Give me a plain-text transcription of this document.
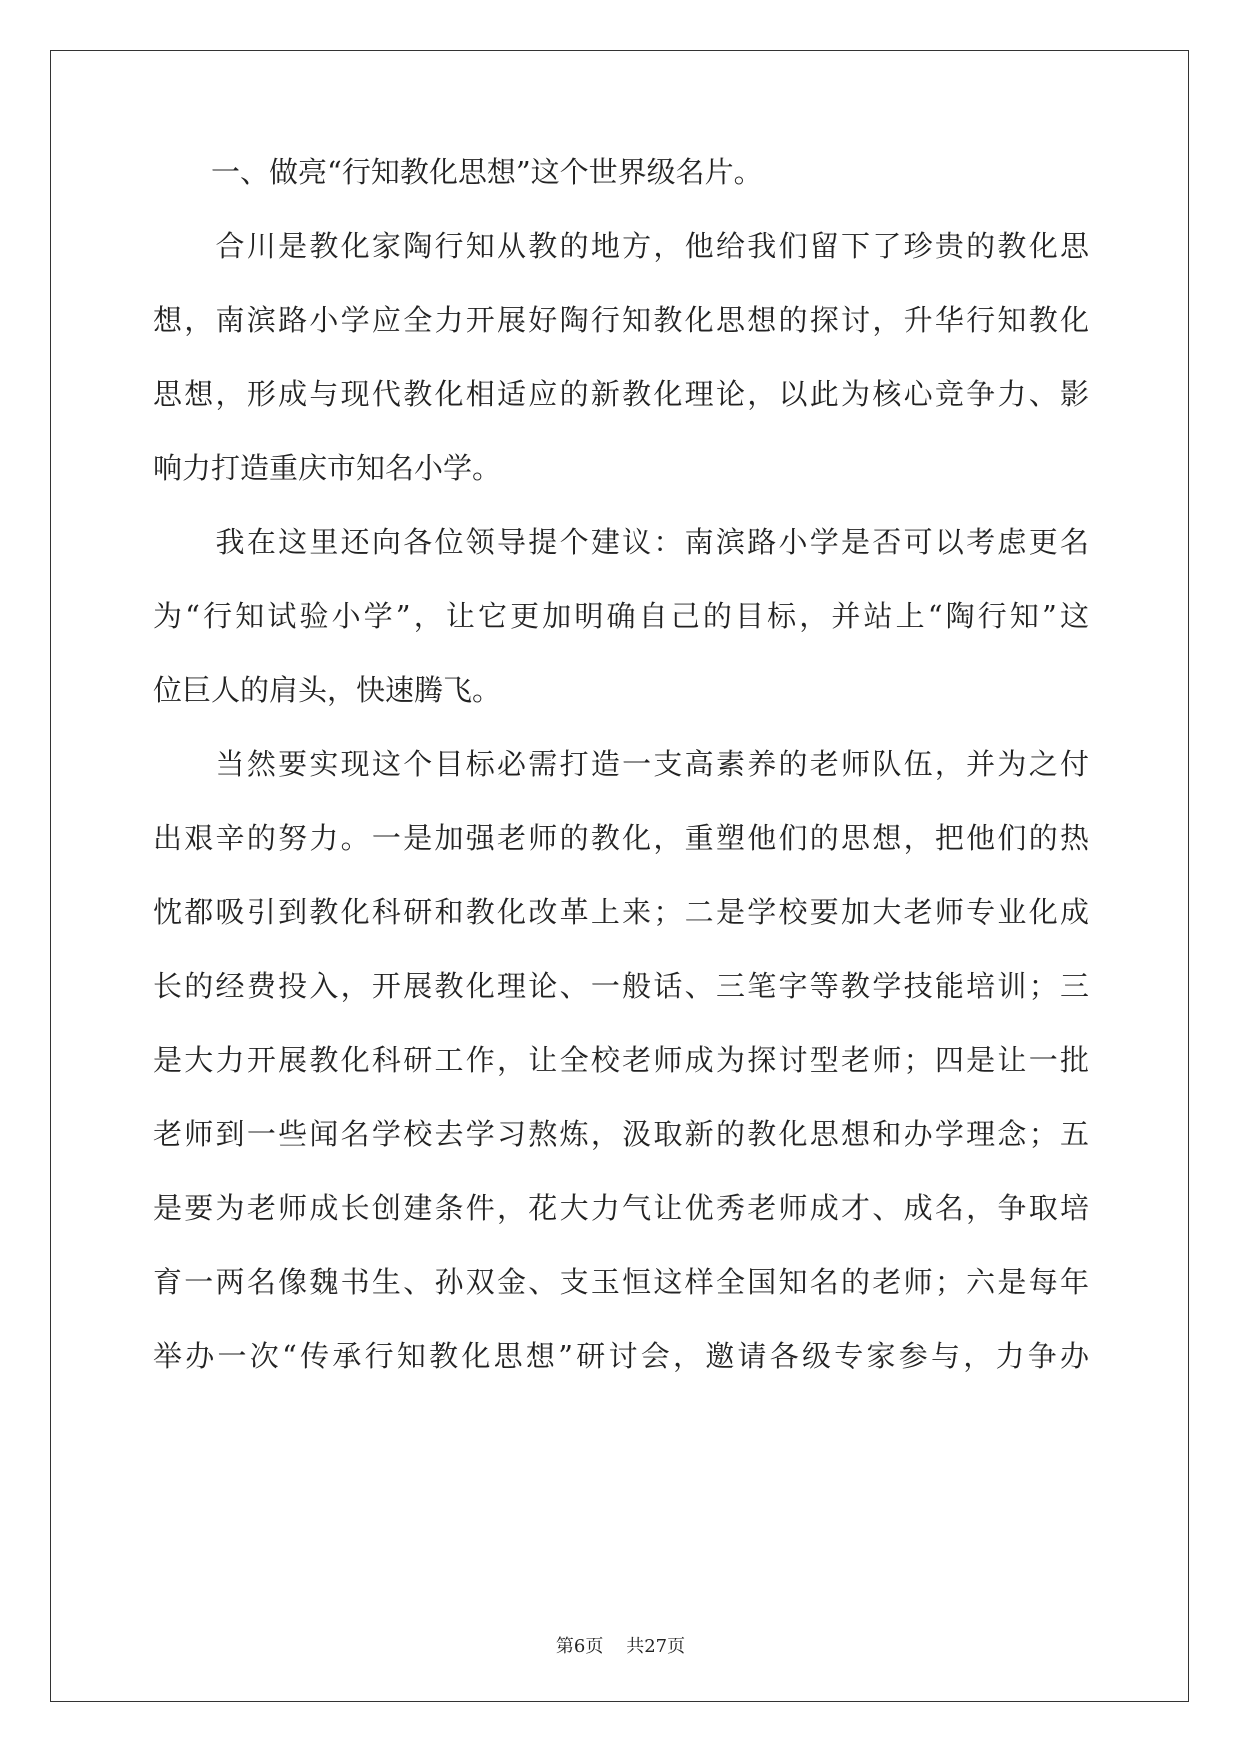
　　一、做亮“行知教化思想”这个世界级名片。
　　合川是教化家陶行知从教的地方，他给我们留下了珍贵的教化思
想，南滨路小学应全力开展好陶行知教化思想的探讨，升华行知教化
思想，形成与现代教化相适应的新教化理论，以此为核心竞争力、影
响力打造重庆市知名小学。
　　我在这里还向各位领导提个建议：南滨路小学是否可以考虑更名
为“行知试验小学”，让它更加明确自己的目标，并站上“陶行知”这
位巨人的肩头，快速腾飞。
　　当然要实现这个目标必需打造一支高素养的老师队伍，并为之付
出艰辛的努力。一是加强老师的教化，重塑他们的思想，把他们的热
忱都吸引到教化科研和教化改革上来；二是学校要加大老师专业化成
长的经费投入，开展教化理论、一般话、三笔字等教学技能培训；三
是大力开展教化科研工作，让全校老师成为探讨型老师；四是让一批
老师到一些闻名学校去学习熬炼，汲取新的教化思想和办学理念；五
是要为老师成长创建条件，花大力气让优秀老师成才、成名，争取培
育一两名像魏书生、孙双金、支玉恒这样全国知名的老师；六是每年
举办一次“传承行知教化思想”研讨会，邀请各级专家参与，力争办
第6页 共27页
